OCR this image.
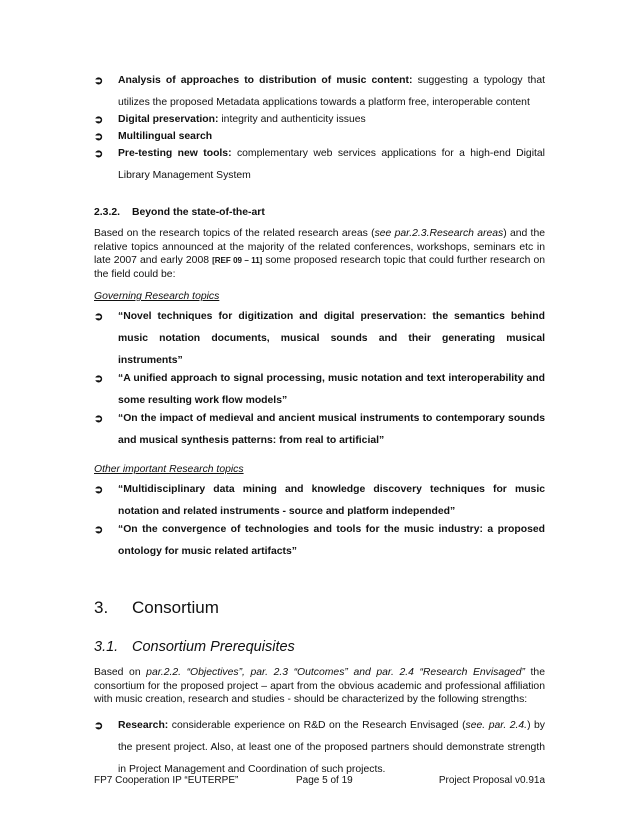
➲ Analysis of approaches to distribution of music content: suggesting a typology that utilizes the proposed Metadata applications towards a platform free, interoperable content
➲ Digital preservation: integrity and authenticity issues
➲ Multilingual search
➲ Pre-testing new tools: complementary web services applications for a high-end Digital Library Management System
2.3.2. Beyond the state-of-the-art
Based on the research topics of the related research areas (see par.2.3.Research areas) and the relative topics announced at the majority of the related conferences, workshops, seminars etc in late 2007 and early 2008 [REF 09 – 11] some proposed research topic that could further research on the field could be:
Governing Research topics
➲ “Novel techniques for digitization and digital preservation: the semantics behind music notation documents, musical sounds and their generating musical instruments”
➲ “A unified approach to signal processing, music notation and text interoperability and some resulting work flow models”
➲ “On the impact of medieval and ancient musical instruments to contemporary sounds and musical synthesis patterns: from real to artificial”
Other important Research topics
➲ “Multidisciplinary data mining and knowledge discovery techniques for music notation and related instruments - source and platform independed”
➲ “On the convergence of technologies and tools for the music industry: a proposed ontology for music related artifacts”
3. Consortium
3.1. Consortium Prerequisites
Based on par.2.2. “Objectives”, par. 2.3 “Outcomes” and par. 2.4 “Research Envisaged” the consortium for the proposed project – apart from the obvious academic and professional affiliation with music creation, research and studies - should be characterized by the following strengths:
➲ Research: considerable experience on R&D on the Research Envisaged (see. par. 2.4.) by the present project. Also, at least one of the proposed partners should demonstrate strength in Project Management and Coordination of such projects.
FP7 Cooperation IP “EUTERPE”	Page 5 of 19	Project Proposal v0.91a
